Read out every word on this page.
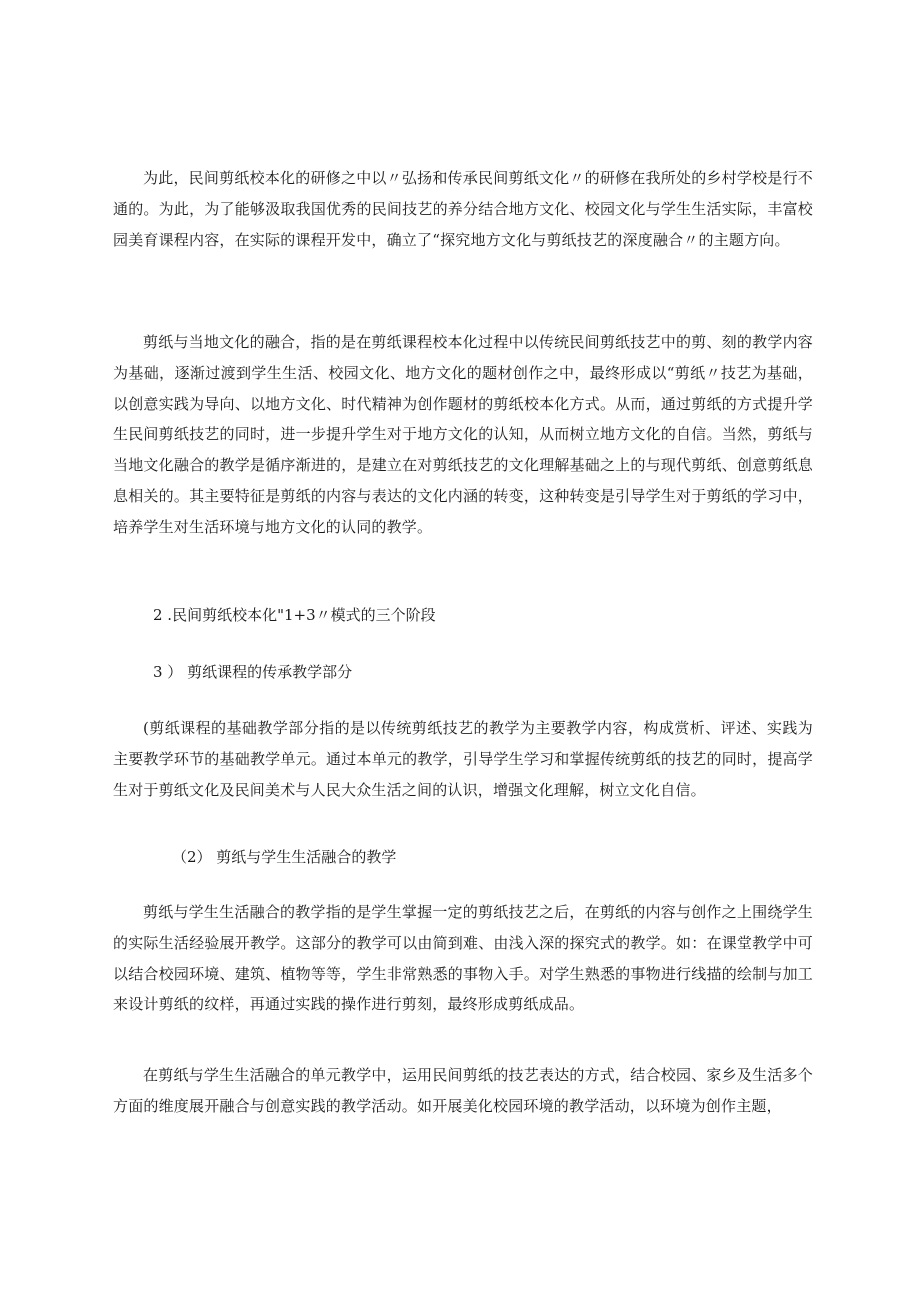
为此，民间剪纸校本化的研修之中以〃弘扬和传承民间剪纸文化〃的研修在我所处的乡村学校是行不通的。为此，为了能够汲取我国优秀的民间技艺的养分结合地方文化、校园文化与学生生活实际，丰富校园美育课程内容，在实际的课程开发中，确立了“探究地方文化与剪纸技艺的深度融合〃的主题方向。

剪纸与当地文化的融合，指的是在剪纸课程校本化过程中以传统民间剪纸技艺中的剪、刻的教学内容为基础，逐渐过渡到学生生活、校园文化、地方文化的题材创作之中，最终形成以“剪纸〃技艺为基础，以创意实践为导向、以地方文化、时代精神为创作题材的剪纸校本化方式。从而，通过剪纸的方式提升学生民间剪纸技艺的同时，进一步提升学生对于地方文化的认知，从而树立地方文化的自信。当然，剪纸与当地文化融合的教学是循序渐进的，是建立在对剪纸技艺的文化理解基础之上的与现代剪纸、创意剪纸息息相关的。其主要特征是剪纸的内容与表达的文化内涵的转变，这种转变是引导学生对于剪纸的学习中，培养学生对生活环境与地方文化的认同的教学。

2 .民间剪纸校本化"1+3〃模式的三个阶段

3 ） 剪纸课程的传承教学部分

(剪纸课程的基础教学部分指的是以传统剪纸技艺的教学为主要教学内容，构成赏析、评述、实践为主要教学环节的基础教学单元。通过本单元的教学，引导学生学习和掌握传统剪纸的技艺的同时，提高学生对于剪纸文化及民间美术与人民大众生活之间的认识，增强文化理解，树立文化自信。

（2） 剪纸与学生生活融合的教学

剪纸与学生生活融合的教学指的是学生掌握一定的剪纸技艺之后，在剪纸的内容与创作之上围绕学生的实际生活经验展开教学。这部分的教学可以由简到难、由浅入深的探究式的教学。如：在课堂教学中可以结合校园环境、建筑、植物等等，学生非常熟悉的事物入手。对学生熟悉的事物进行线描的绘制与加工来设计剪纸的纹样，再通过实践的操作进行剪刻，最终形成剪纸成品。

在剪纸与学生生活融合的单元教学中，运用民间剪纸的技艺表达的方式，结合校园、家乡及生活多个方面的维度展开融合与创意实践的教学活动。如开展美化校园环境的教学活动，以环境为创作主题，
